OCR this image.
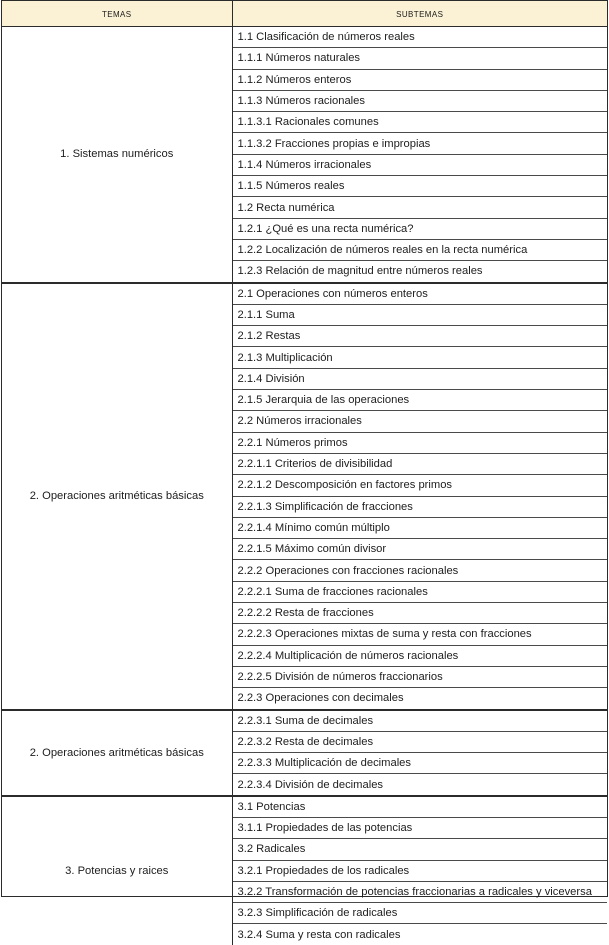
temas	subtemas
1. Sistemas numéricos	1.1 Clasificación de números reales
	1.1.1 Números naturales
	1.1.2 Números enteros
	1.1.3 Números racionales
	1.1.3.1 Racionales comunes
	1.1.3.2 Fracciones propias e impropias
	1.1.4 Números irracionales
	1.1.5 Números reales
	1.2 Recta numérica
	1.2.1 ¿Qué es una recta numérica?
	1.2.2 Localización de números reales en la recta numérica
	1.2.3 Relación de magnitud entre números reales
2. Operaciones aritméticas básicas	2.1 Operaciones con números enteros
	2.1.1 Suma
	2.1.2 Restas
	2.1.3 Multiplicación
	2.1.4 División
	2.1.5 Jerarquia de las operaciones
	2.2 Números irracionales
	2.2.1 Números primos
	2.2.1.1 Criterios de divisibilidad
	2.2.1.2 Descomposición en factores primos
	2.2.1.3 Simplificación de fracciones
	2.2.1.4 Mínimo común múltiplo
	2.2.1.5 Máximo común divisor
	2.2.2 Operaciones con fracciones racionales
	2.2.2.1 Suma de fracciones racionales
	2.2.2.2 Resta de fracciones
	2.2.2.3 Operaciones mixtas de suma y resta con fracciones
	2.2.2.4 Multiplicación de números racionales
	2.2.2.5 División de números fraccionarios
	2.2.3 Operaciones con decimales
2. Operaciones aritméticas básicas	2.2.3.1 Suma de decimales
	2.2.3.2 Resta de decimales
	2.2.3.3 Multiplicación de decimales
	2.2.3.4 División de decimales
3. Potencias y raices	3.1 Potencias
	3.1.1 Propiedades de las potencias
	3.2 Radicales
	3.2.1 Propiedades de los radicales
	3.2.2 Transformación de potencias fraccionarias a radicales y viceversa
	3.2.3 Simplificación de radicales
	3.2.4 Suma y resta con radicales
